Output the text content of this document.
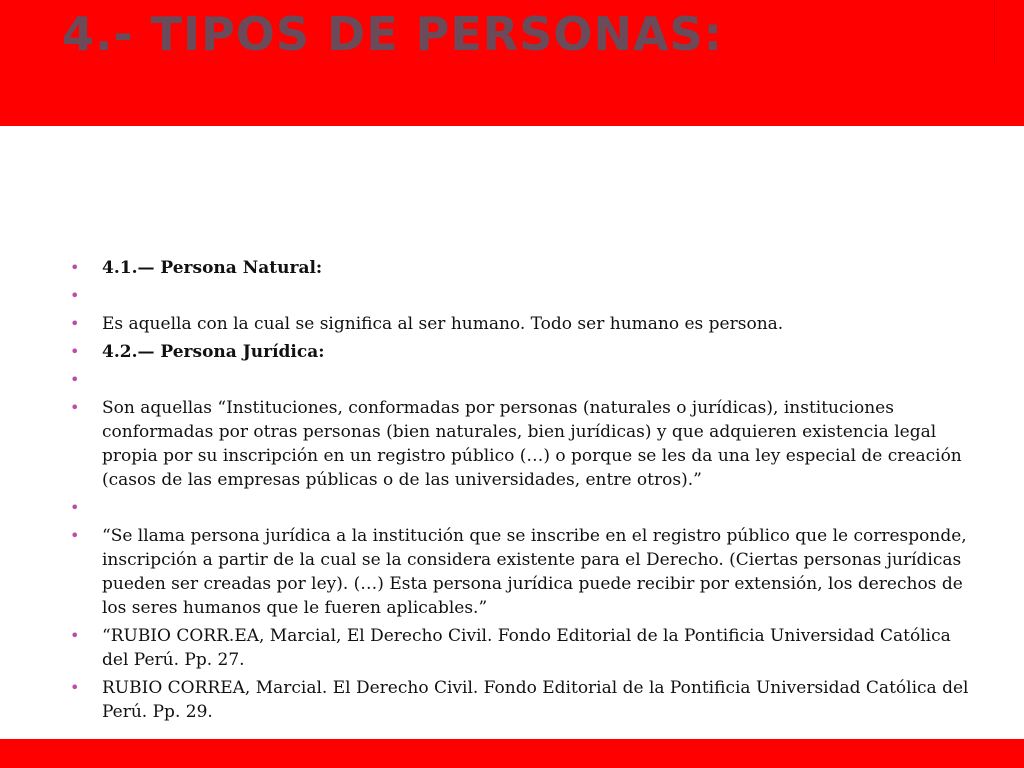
4.- TIPOS DE PERSONAS:
• 4.1.— Persona Natural:
•
• Es aquella con la cual se significa al ser humano. Todo ser humano es persona.
• 4.2.— Persona Jurídica:
•
• Son aquellas “Instituciones, conformadas por personas (naturales o jurídicas), instituciones conformadas por otras personas (bien naturales, bien jurídicas) y que adquieren existencia legal propia por su inscripción en un registro público (…) o porque se les da una ley especial de creación (casos de las empresas públicas o de las universidades, entre otros).”
•
• “Se llama persona jurídica a la institución que se inscribe en el registro público que le corresponde, inscripción a partir de la cual se la considera existente para el Derecho. (Ciertas personas jurídicas pueden ser creadas por ley). (…) Esta persona jurídica puede recibir por extensión, los derechos de los seres humanos que le fueren aplicables.”
• “RUBIO CORR.EA, Marcial, El Derecho Civil. Fondo Editorial de la Pontificia Universidad Católica del Perú. Pp. 27.
• RUBIO CORREA, Marcial. El Derecho Civil. Fondo Editorial de la Pontificia Universidad Católica del Perú. Pp. 29.
